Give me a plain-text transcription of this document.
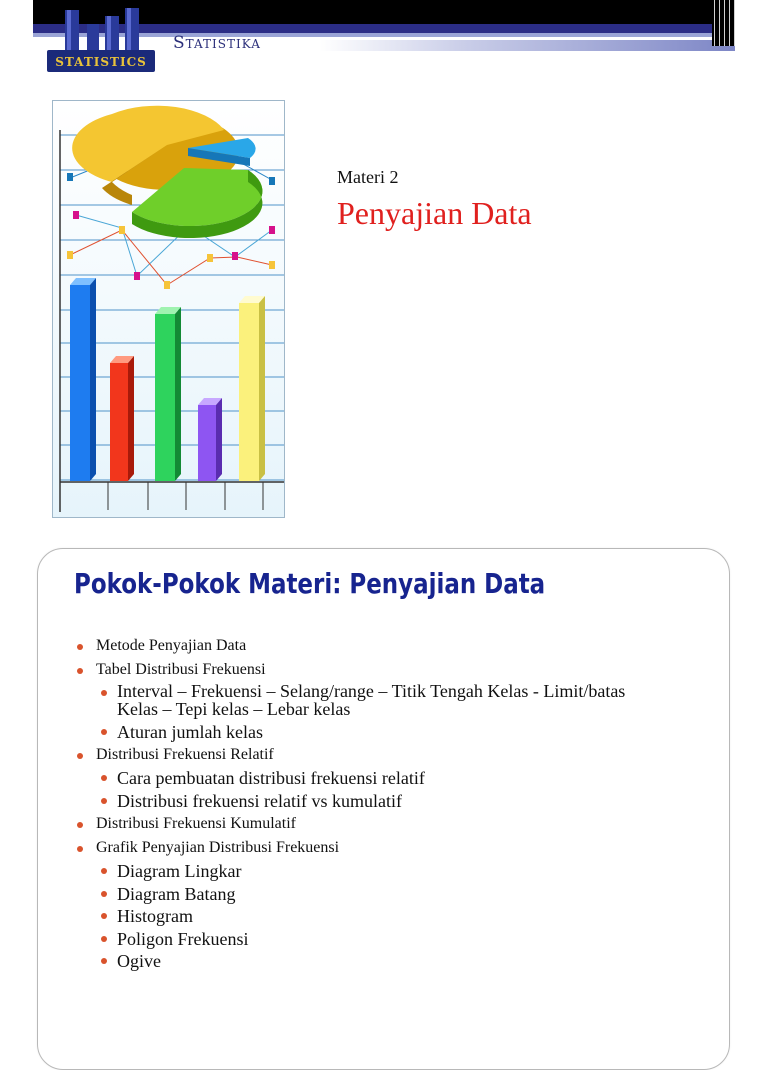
STATISTICS
Statistika
Materi 2
Penyajian Data
Pokok-Pokok Materi: Penyajian Data
Metode Penyajian Data
Tabel Distribusi Frekuensi
Interval – Frekuensi – Selang/range – Titik Tengah Kelas - Limit/batas Kelas – Tepi kelas – Lebar kelas
Aturan jumlah kelas
Distribusi Frekuensi Relatif
Cara pembuatan distribusi frekuensi relatif
Distribusi frekuensi relatif vs kumulatif
Distribusi Frekuensi Kumulatif
Grafik Penyajian Distribusi Frekuensi
Diagram Lingkar
Diagram Batang
Histogram
Poligon Frekuensi
Ogive
